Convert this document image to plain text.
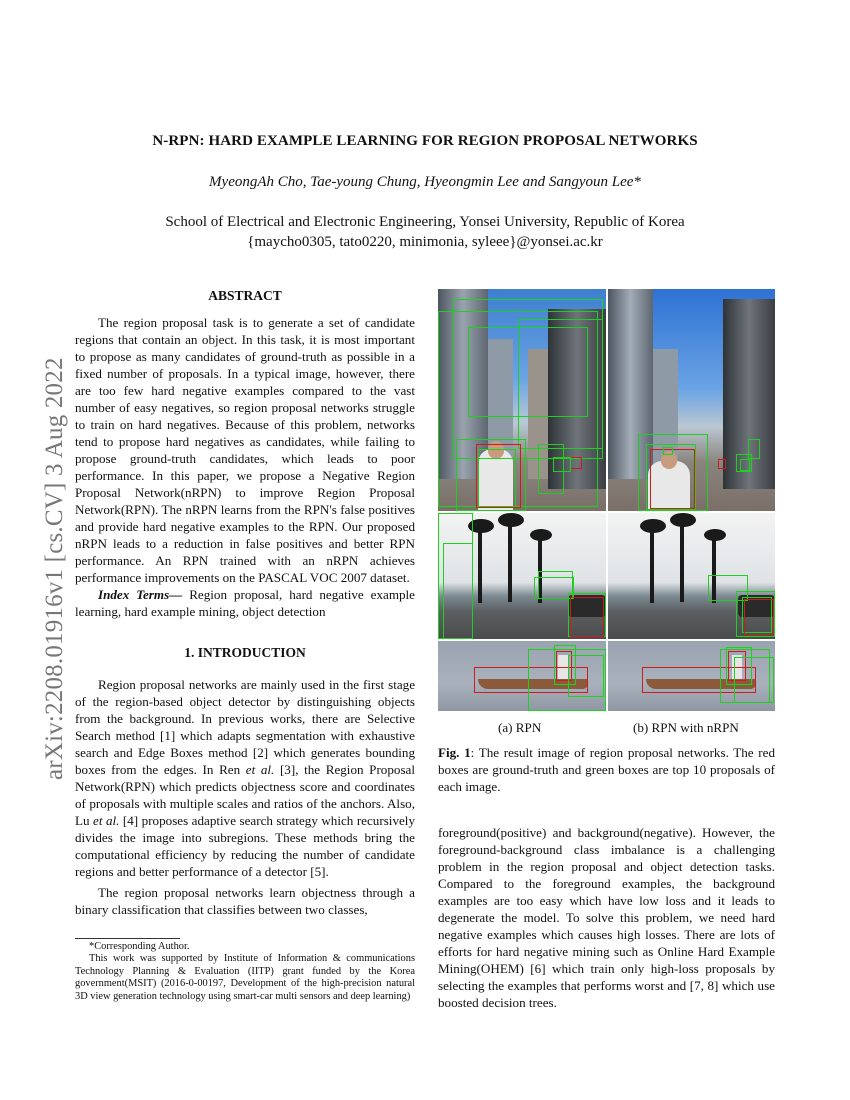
arXiv:2208.01916v1 [cs.CV] 3 Aug 2022
N-RPN: HARD EXAMPLE LEARNING FOR REGION PROPOSAL NETWORKS
MyeongAh Cho, Tae-young Chung, Hyeongmin Lee and Sangyoun Lee*
School of Electrical and Electronic Engineering, Yonsei University, Republic of Korea
{maycho0305, tato0220, minimonia, syleee}@yonsei.ac.kr
ABSTRACT

The region proposal task is to generate a set of candidate regions that contain an object. In this task, it is most important to propose as many candidates of ground-truth as possible in a fixed number of proposals. In a typical image, however, there are too few hard negative examples compared to the vast number of easy negatives, so region proposal networks struggle to train on hard negatives. Because of this problem, networks tend to propose hard negatives as candidates, while failing to propose ground-truth candidates, which leads to poor performance. In this paper, we propose a Negative Region Proposal Network(nRPN) to improve Region Proposal Network(RPN). The nRPN learns from the RPN's false positives and provide hard negative examples to the RPN. Our proposed nRPN leads to a reduction in false positives and better RPN performance. An RPN trained with an nRPN achieves performance improvements on the PASCAL VOC 2007 dataset.

Index Terms— Region proposal, hard negative example learning, hard example mining, object detection

1. INTRODUCTION

Region proposal networks are mainly used in the first stage of the region-based object detector by distinguishing objects from the background. In previous works, there are Selective Search method [1] which adapts segmentation with exhaustive search and Edge Boxes method [2] which generates bounding boxes from the edges. In Ren et al. [3], the Region Proposal Network(RPN) which predicts objectness score and coordinates of proposals with multiple scales and ratios of the anchors. Also, Lu et al. [4] proposes adaptive search strategy which recursively divides the image into subregions. These methods bring the computational efficiency by reducing the number of candidate regions and better performance of a detector [5].

The region proposal networks learn objectness through a binary classification that classifies between two classes,

*Corresponding Author.

This work was supported by Institute of Information & communications Technology Planning & Evaluation (IITP) grant funded by the Korea government(MSIT) (2016-0-00197, Development of the high-precision natural 3D view generation technology using smart-car multi sensors and deep learning)

(a) RPN	(b) RPN with nRPN
Fig. 1: The result image of region proposal networks. The red boxes are ground-truth and green boxes are top 10 proposals of each image.

foreground(positive) and background(negative). However, the foreground-background class imbalance is a challenging problem in the region proposal and object detection tasks. Compared to the foreground examples, the background examples are too easy which have low loss and it leads to degenerate the model. To solve this problem, we need hard negative examples which causes high losses. There are lots of efforts for hard negative mining such as Online Hard Example Mining(OHEM) [6] which train only high-loss proposals by selecting the examples that performs worst and [7, 8] which use boosted decision trees.
